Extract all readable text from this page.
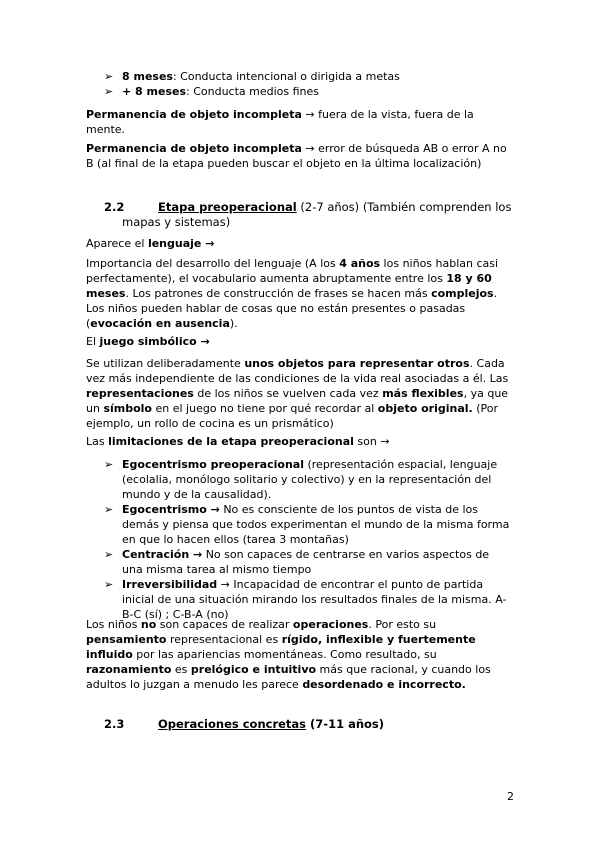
➢ 8 meses: Conducta intencional o dirigida a metas
➢ + 8 meses: Conducta medios fines

Permanencia de objeto incompleta → fuera de la vista, fuera de la mente.

Permanencia de objeto incompleta → error de búsqueda AB o error A no B (al final de la etapa pueden buscar el objeto en la última localización)

2.2	Etapa preoperacional (2-7 años) (También comprenden los
mapas y sistemas)

Aparece el lenguaje →

Importancia del desarrollo del lenguaje (A los 4 años los niños hablan casi perfectamente), el vocabulario aumenta abruptamente entre los 18 y 60 meses. Los patrones de construcción de frases se hacen más complejos. Los niños pueden hablar de cosas que no están presentes o pasadas (evocación en ausencia).

El juego simbólico →

Se utilizan deliberadamente unos objetos para representar otros. Cada vez más independiente de las condiciones de la vida real asociadas a él. Las representaciones de los niños se vuelven cada vez más flexibles, ya que un símbolo en el juego no tiene por qué recordar al objeto original. (Por ejemplo, un rollo de cocina es un prismático)

Las limitaciones de la etapa preoperacional son →

➢ Egocentrismo preoperacional (representación espacial, lenguaje (ecolalia, monólogo solitario y colectivo) y en la representación del mundo y de la causalidad).
➢ Egocentrismo → No es consciente de los puntos de vista de los demás y piensa que todos experimentan el mundo de la misma forma en que lo hacen ellos (tarea 3 montañas)
➢ Centración → No son capaces de centrarse en varios aspectos de una misma tarea al mismo tiempo
➢ Irreversibilidad → Incapacidad de encontrar el punto de partida inicial de una situación mirando los resultados finales de la misma. A-B-C (sí) ; C-B-A (no)

Los niños no son capaces de realizar operaciones. Por esto su pensamiento representacional es rígido, inflexible y fuertemente influido por las apariencias momentáneas. Como resultado, su razonamiento es prelógico e intuitivo más que racional, y cuando los adultos lo juzgan a menudo les parece desordenado e incorrecto.

2.3	Operaciones concretas (7-11 años)
2
